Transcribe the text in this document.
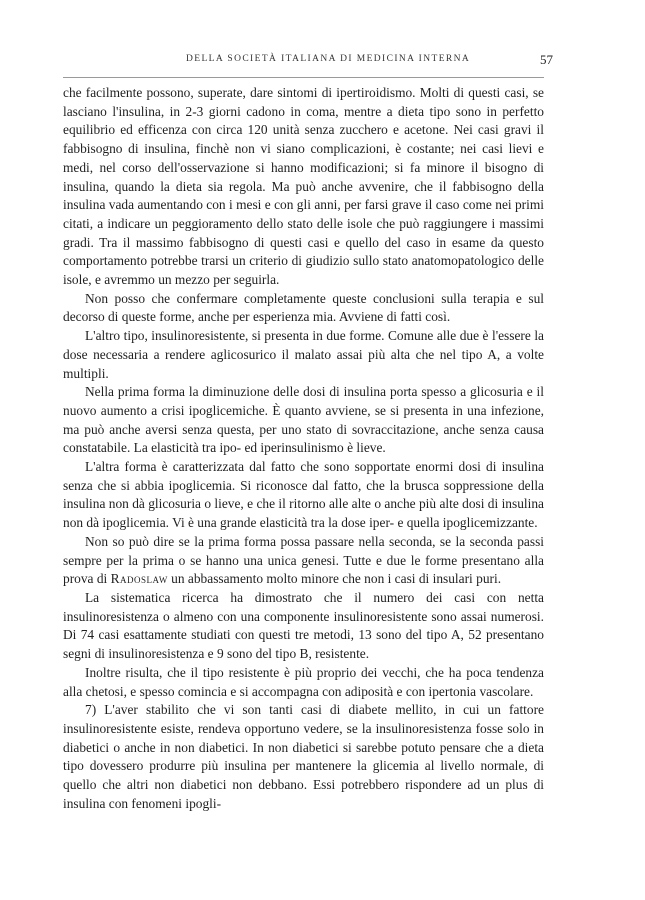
DELLA SOCIETÀ ITALIANA DI MEDICINA INTERNA	57

che facilmente possono, superate, dare sintomi di ipertiroidismo. Molti di questi casi, se lasciano l'insulina, in 2-3 giorni cadono in coma, mentre a dieta tipo sono in perfetto equilibrio ed efficenza con circa 120 unità senza zucchero e acetone. Nei casi gravi il fabbisogno di insulina, finchè non vi siano complicazioni, è costante; nei casi lievi e medi, nel corso dell'osservazione si hanno modificazioni; si fa minore il bisogno di insulina, quando la dieta sia regola. Ma può anche avvenire, che il fabbisogno della insulina vada aumentando con i mesi e con gli anni, per farsi grave il caso come nei primi citati, a indicare un peggioramento dello stato delle isole che può raggiungere i massimi gradi. Tra il massimo fabbisogno di questi casi e quello del caso in esame da questo comportamento potrebbe trarsi un criterio di giudizio sullo stato anatomopatologico delle isole, e avremmo un mezzo per seguirla.

Non posso che confermare completamente queste conclusioni sulla terapia e sul decorso di queste forme, anche per esperienza mia. Avviene di fatti così.

L'altro tipo, insulinoresistente, si presenta in due forme. Comune alle due è l'essere la dose necessaria a rendere aglicosurico il malato assai più alta che nel tipo A, a volte multipli.

Nella prima forma la diminuzione delle dosi di insulina porta spesso a glicosuria e il nuovo aumento a crisi ipoglicemiche. È quanto avviene, se si presenta in una infezione, ma può anche aversi senza questa, per uno stato di sovraccitazione, anche senza causa constatabile. La elasticità tra ipo- ed iperinsulinismo è lieve.

L'altra forma è caratterizzata dal fatto che sono sopportate enormi dosi di insulina senza che si abbia ipoglicemia. Si riconosce dal fatto, che la brusca soppressione della insulina non dà glicosuria o lieve, e che il ritorno alle alte o anche più alte dosi di insulina non dà ipoglicemia. Vi è una grande elasticità tra la dose iper- e quella ipoglicemizzante.

Non so può dire se la prima forma possa passare nella seconda, se la seconda passi sempre per la prima o se hanno una unica genesi. Tutte e due le forme presentano alla prova di Radoslaw un abbassamento molto minore che non i casi di insulari puri.

La sistematica ricerca ha dimostrato che il numero dei casi con netta insulinoresistenza o almeno con una componente insulinoresistente sono assai numerosi. Di 74 casi esattamente studiati con questi tre metodi, 13 sono del tipo A, 52 presentano segni di insulinoresistenza e 9 sono del tipo B, resistente.

Inoltre risulta, che il tipo resistente è più proprio dei vecchi, che ha poca tendenza alla chetosi, e spesso comincia e si accompagna con adiposità e con ipertonia vascolare.

7) L'aver stabilito che vi son tanti casi di diabete mellito, in cui un fattore insulinoresistente esiste, rendeva opportuno vedere, se la insulinoresistenza fosse solo in diabetici o anche in non diabetici. In non diabetici si sarebbe potuto pensare che a dieta tipo dovessero produrre più insulina per mantenere la glicemia al livello normale, di quello che altri non diabetici non debbano. Essi potrebbero rispondere ad un plus di insulina con fenomeni ipogli-
